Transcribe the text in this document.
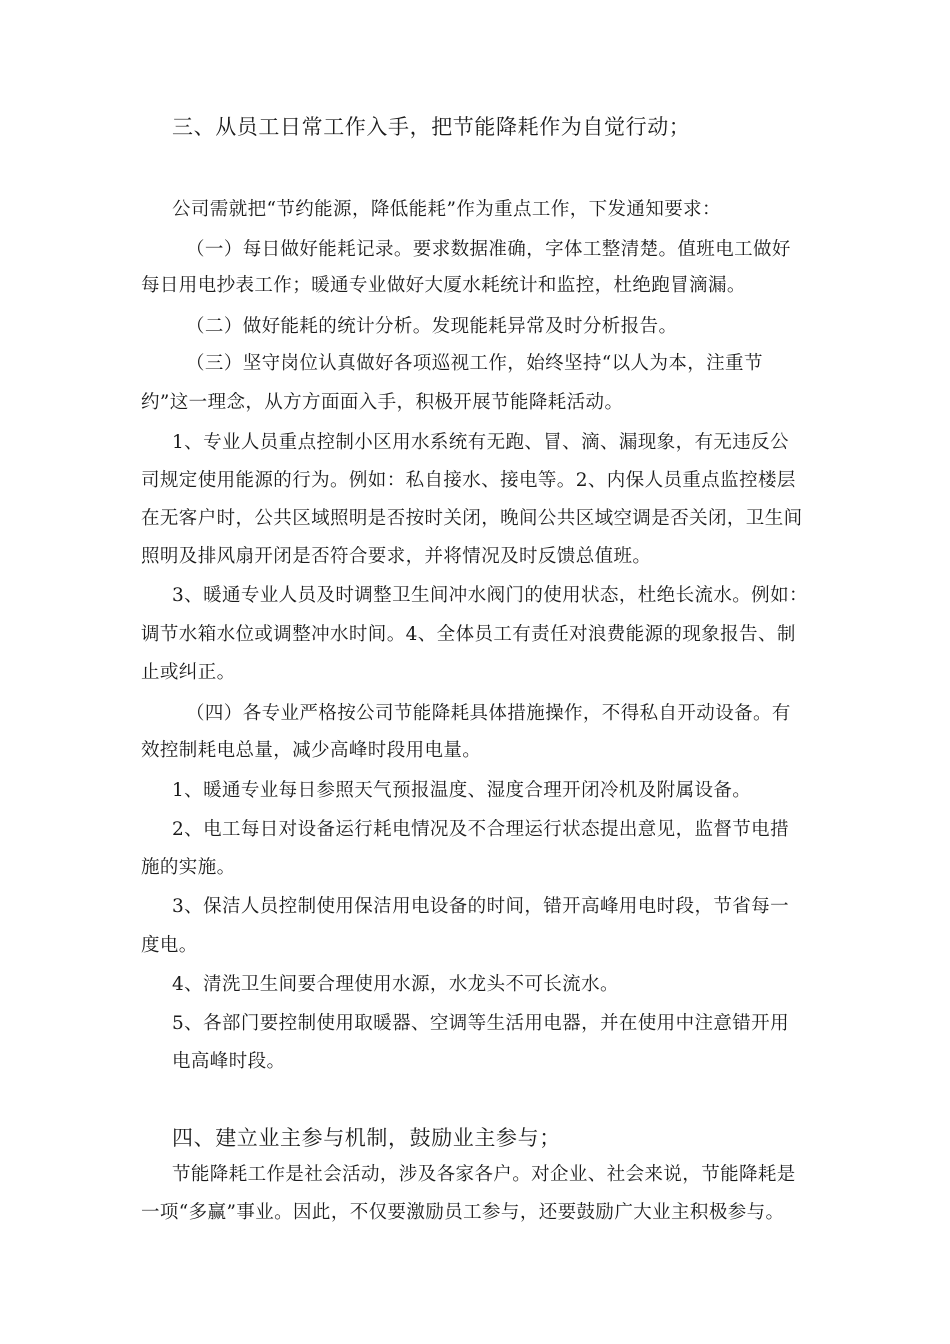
三、从员工日常工作入手，把节能降耗作为自觉行动；
公司需就把“节约能源，降低能耗”作为重点工作，下发通知要求：
（一）每日做好能耗记录。要求数据准确，字体工整清楚。值班电工做好
每日用电抄表工作；暖通专业做好大厦水耗统计和监控，杜绝跑冒滴漏。
（二）做好能耗的统计分析。发现能耗异常及时分析报告。
（三）坚守岗位认真做好各项巡视工作，始终坚持“以人为本，注重节
约”这一理念，从方方面面入手，积极开展节能降耗活动。
1、专业人员重点控制小区用水系统有无跑、冒、滴、漏现象，有无违反公
司规定使用能源的行为。例如：私自接水、接电等。2、内保人员重点监控楼层
在无客户时，公共区域照明是否按时关闭，晚间公共区域空调是否关闭，卫生间
照明及排风扇开闭是否符合要求，并将情况及时反馈总值班。
3、暖通专业人员及时调整卫生间冲水阀门的使用状态，杜绝长流水。例如：
调节水箱水位或调整冲水时间。4、全体员工有责任对浪费能源的现象报告、制
止或纠正。
（四）各专业严格按公司节能降耗具体措施操作，不得私自开动设备。有
效控制耗电总量，减少高峰时段用电量。
1、暖通专业每日参照天气预报温度、湿度合理开闭冷机及附属设备。
2、电工每日对设备运行耗电情况及不合理运行状态提出意见，监督节电措
施的实施。
3、保洁人员控制使用保洁用电设备的时间，错开高峰用电时段，节省每一
度电。
4、清洗卫生间要合理使用水源，水龙头不可长流水。
5、各部门要控制使用取暖器、空调等生活用电器，并在使用中注意错开用
电高峰时段。
四、建立业主参与机制，鼓励业主参与；
节能降耗工作是社会活动，涉及各家各户。对企业、社会来说，节能降耗是
一项“多赢”事业。因此，不仅要激励员工参与，还要鼓励广大业主积极参与。
